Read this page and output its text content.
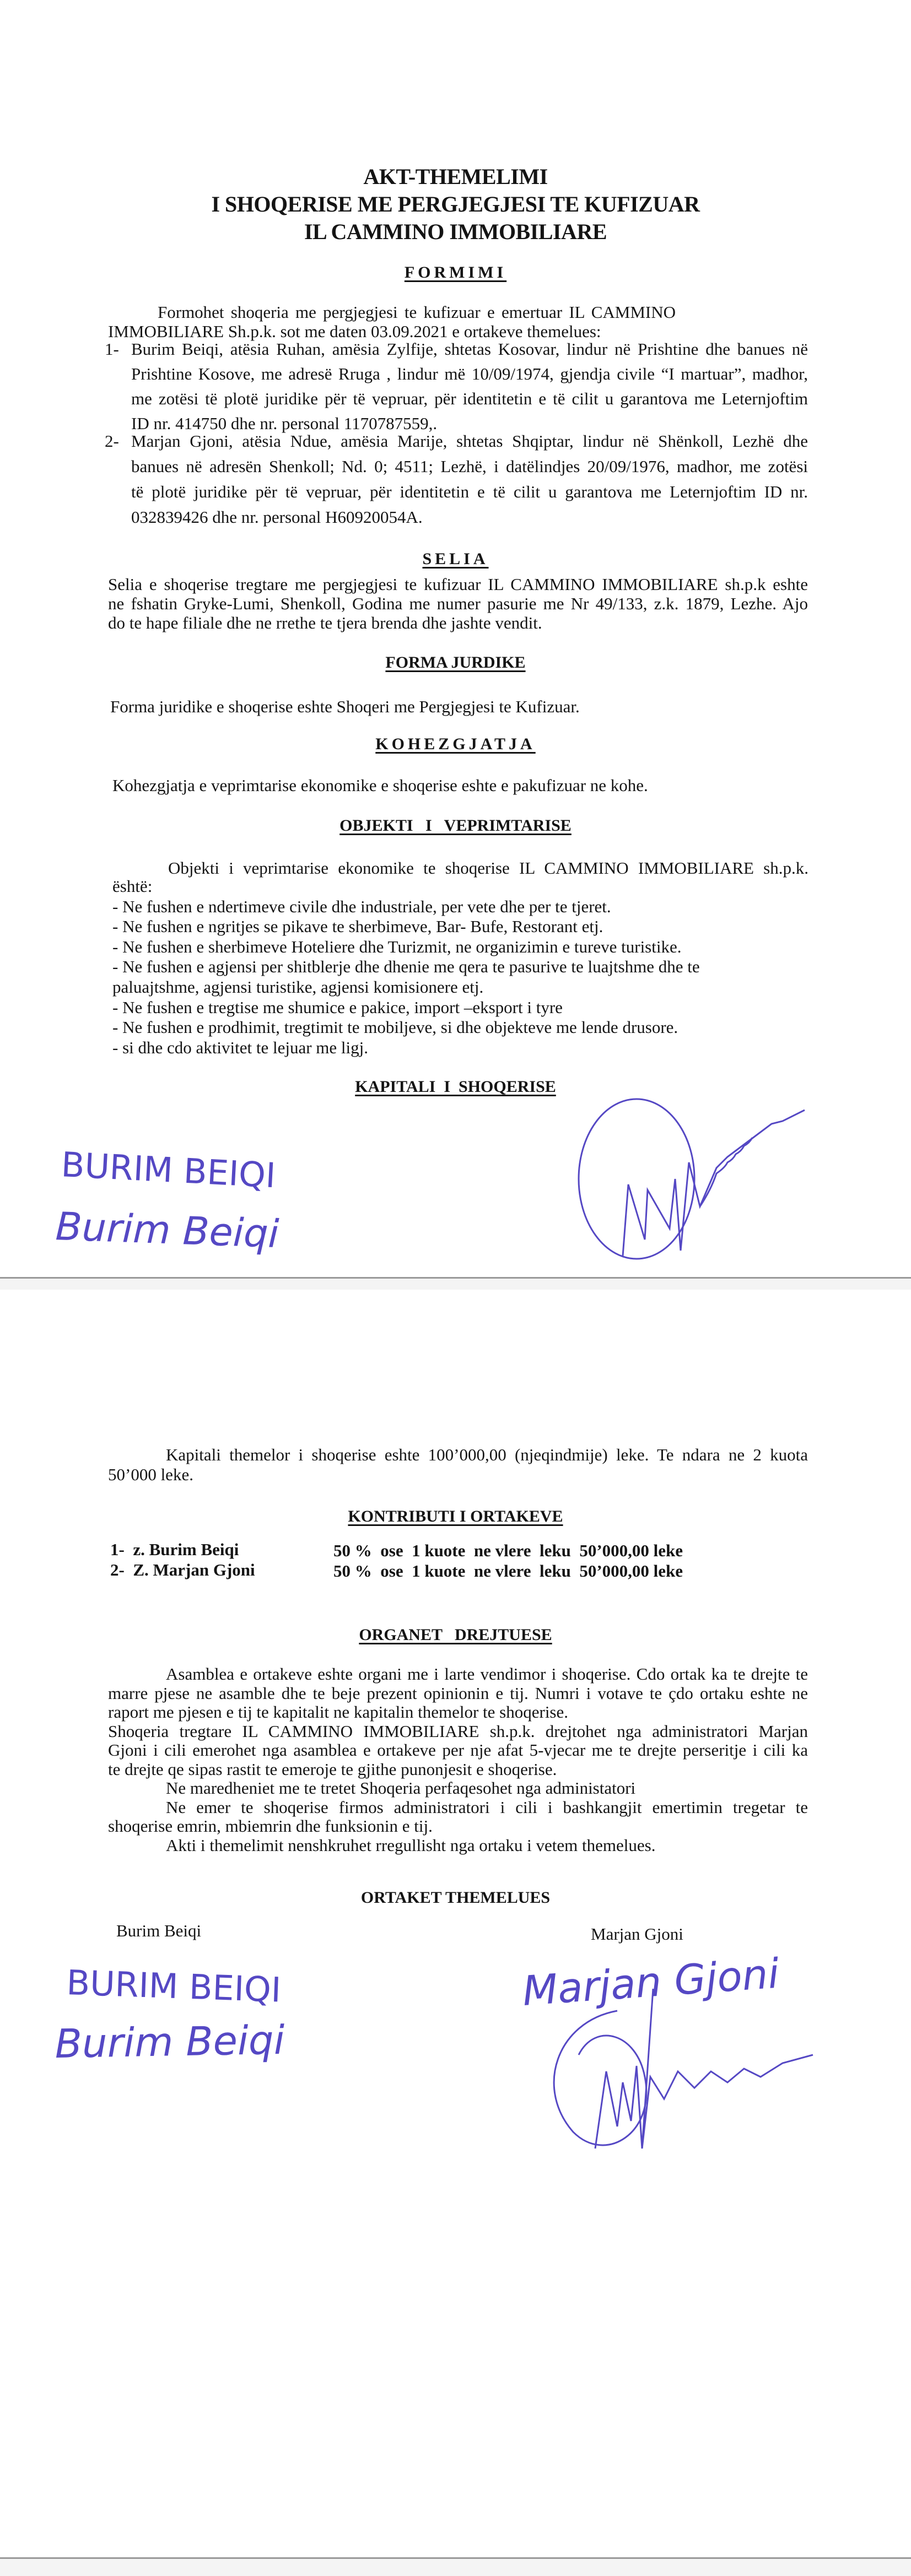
AKT-THEMELIMI
I SHOQERISE ME PERGJEGJESI TE KUFIZUAR
IL CAMMINO IMMOBILIARE
FORMIMI
Formohet shoqeria me pergjegjesi te kufizuar e emertuar IL CAMMINO
IMMOBILIARE Sh.p.k. sot me daten 03.09.2021 e ortakeve themelues:
1- Burim Beiqi, atësia Ruhan, amësia Zylfije, shtetas Kosovar, lindur në Prishtine dhe banues në
Prishtine Kosove, me adresë Rruga , lindur më 10/09/1974, gjendja civile “I martuar”, madhor,
me zotësi të plotë juridike për të vepruar, për identitetin e të cilit u garantova me Leternjoftim
ID nr. 414750 dhe nr. personal 1170787559,.
2- Marjan Gjoni, atësia Ndue, amësia Marije, shtetas Shqiptar, lindur në Shënkoll, Lezhë dhe
banues në adresën Shenkoll; Nd. 0; 4511; Lezhë, i datëlindjes 20/09/1976, madhor, me zotësi
të plotë juridike për të vepruar, për identitetin e të cilit u garantova me Leternjoftim ID nr.
032839426 dhe nr. personal H60920054A.
SELIA
Selia e shoqerise tregtare me pergjegjesi te kufizuar IL CAMMINO IMMOBILIARE sh.p.k eshte
ne fshatin Gryke-Lumi, Shenkoll, Godina me numer pasurie me Nr 49/133, z.k. 1879, Lezhe. Ajo
do te hape filiale dhe ne rrethe te tjera brenda dhe jashte vendit.
FORMA JURDIKE
Forma juridike e shoqerise eshte Shoqeri me Pergjegjesi te Kufizuar.
KOHEZGJATJA
Kohezgjatja e veprimtarise ekonomike e shoqerise eshte e pakufizuar ne kohe.
OBJEKTI   I   VEPRIMTARISE
Objekti i veprimtarise ekonomike te shoqerise IL CAMMINO IMMOBILIARE sh.p.k.
është:
- Ne fushen e ndertimeve civile dhe industriale, per vete dhe per te tjeret.
- Ne fushen e ngritjes se pikave te sherbimeve, Bar- Bufe, Restorant etj.
- Ne fushen e sherbimeve Hoteliere dhe Turizmit, ne organizimin e tureve turistike.
- Ne fushen e agjensi per shitblerje dhe dhenie me qera te pasurive te luajtshme dhe te
paluajtshme, agjensi turistike, agjensi komisionere etj.
- Ne fushen e tregtise me shumice e pakice, import –eksport i tyre
- Ne fushen e prodhimit, tregtimit te mobiljeve, si dhe objekteve me lende drusore.
- si dhe cdo aktivitet te lejuar me ligj.
KAPITALI  I  SHOQERISE
BURIM BEIQI
Burim Beiqi
Kapitali themelor i shoqerise eshte 100’000,00 (njeqindmije) leke. Te ndara ne 2 kuota
50’000 leke.
KONTRIBUTI I ORTAKEVE
1-  z. Burim Beiqi	50 %  ose  1 kuote  ne vlere  leku  50’000,00 leke
2-  Z. Marjan Gjoni	50 %  ose  1 kuote  ne vlere  leku  50’000,00 leke
ORGANET   DREJTUESE
Asamblea e ortakeve eshte organi me i larte vendimor i shoqerise. Cdo ortak ka te drejte te
marre pjese ne asamble dhe te beje prezent opinionin e tij. Numri i votave te çdo ortaku eshte ne
raport me pjesen e tij te kapitalit ne kapitalin themelor te shoqerise.
Shoqeria tregtare IL CAMMINO IMMOBILIARE sh.p.k. drejtohet nga administratori Marjan
Gjoni i cili emerohet nga asamblea e ortakeve per nje afat 5-vjecar me te drejte perseritje i cili ka
te drejte qe sipas rastit te emeroje te gjithe punonjesit e shoqerise.
Ne maredheniet me te tretet Shoqeria perfaqesohet nga administatori
Ne emer te shoqerise firmos administratori i cili i bashkangjit emertimin tregetar te
shoqerise emrin, mbiemrin dhe funksionin e tij.
Akti i themelimit nenshkruhet rregullisht nga ortaku i vetem themelues.
ORTAKET THEMELUES
Burim Beiqi	Marjan Gjoni
BURIM BEIQI
Burim Beiqi
Marjan Gjoni
